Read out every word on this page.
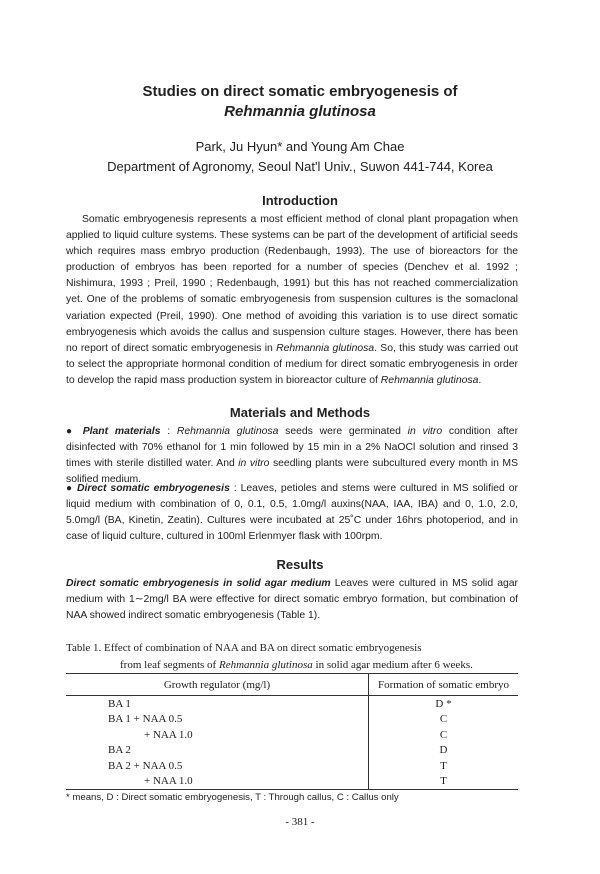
Studies on direct somatic embryogenesis of
Rehmannia glutinosa
Park, Ju Hyun* and Young Am Chae
Department of Agronomy, Seoul Nat'l Univ., Suwon 441-744, Korea
Introduction
Somatic embryogenesis represents a most efficient method of clonal plant propagation when applied to liquid culture systems. These systems can be part of the development of artificial seeds which requires mass embryo production (Redenbaugh, 1993). The use of bioreactors for the production of embryos has been reported for a number of species (Denchev et al. 1992 ; Nishimura, 1993 ; Preil, 1990 ; Redenbaugh, 1991) but this has not reached commercialization yet. One of the problems of somatic embryogenesis from suspension cultures is the somaclonal variation expected (Preil, 1990). One method of avoiding this variation is to use direct somatic embryogenesis which avoids the callus and suspension culture stages. However, there has been no report of direct somatic embryogenesis in Rehmannia glutinosa. So, this study was carried out to select the appropriate hormonal condition of medium for direct somatic embryogenesis in order to develop the rapid mass production system in bioreactor culture of Rehmannia glutinosa.
Materials and Methods
● Plant materials : Rehmannia glutinosa seeds were germinated in vitro condition after disinfected with 70% ethanol for 1 min followed by 15 min in a 2% NaOCl solution and rinsed 3 times with sterile distilled water. And in vitro seedling plants were subcultured every month in MS solified medium.
● Direct somatic embryogenesis : Leaves, petioles and stems were cultured in MS solified or liquid medium with combination of 0, 0.1, 0.5, 1.0mg/l auxins(NAA, IAA, IBA) and 0, 1.0, 2.0, 5.0mg/l (BA, Kinetin, Zeatin). Cultures were incubated at 25˚C under 16hrs photoperiod, and in case of liquid culture, cultured in 100ml Erlenmyer flask with 100rpm.
Results
Direct somatic embryogenesis in solid agar medium Leaves were cultured in MS solid agar medium with 1∼2mg/l BA were effective for direct somatic embryo formation, but combination of NAA showed indirect somatic embryogenesis (Table 1).
Table 1. Effect of combination of NAA and BA on direct somatic embryogenesis
from leaf segments of Rehmannia glutinosa in solid agar medium after 6 weeks.
Growth regulator (mg/l)	Formation of somatic embryo
BA 1	D *
BA 1 + NAA 0.5	C
+ NAA 1.0	C
BA 2	D
BA 2 + NAA 0.5	T
+ NAA 1.0	T
* means, D : Direct somatic embryogenesis, T : Through callus, C : Callus only
- 381 -
